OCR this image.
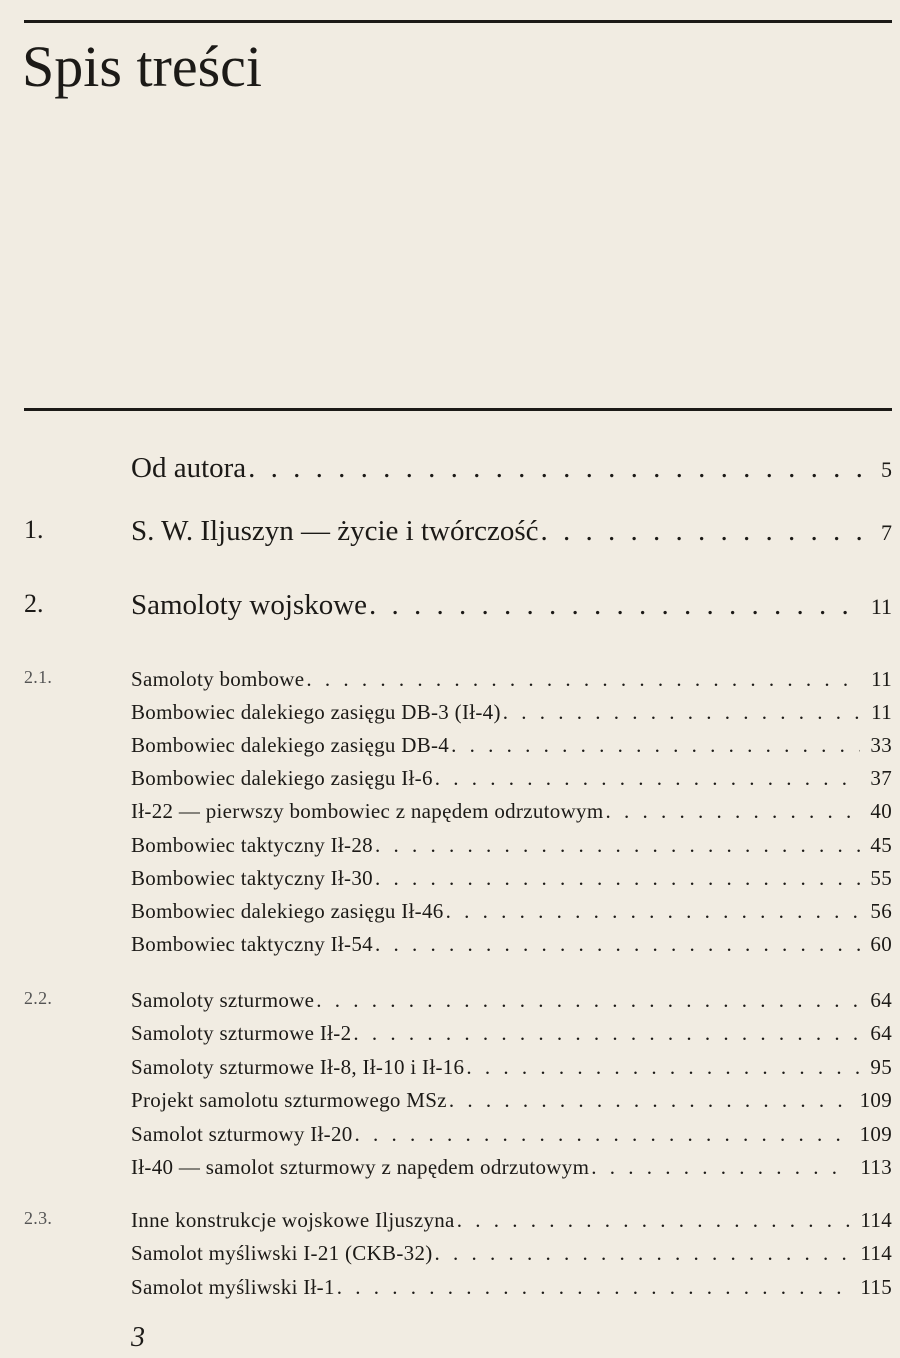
Spis treści
Od autora . . .	5
1.	S. W. Iljuszyn — życie i twórczość . . .	7
2.	Samoloty wojskowe . . .	11
2.1.	Samoloty bombowe . . .	11
Bombowiec dalekiego zasięgu DB-3 (Ił-4) . . .	11
Bombowiec dalekiego zasięgu DB-4 . . .	33
Bombowiec dalekiego zasięgu Ił-6 . . .	37
Ił-22 — pierwszy bombowiec z napędem odrzutowym . . .	40
Bombowiec taktyczny Ił-28 . . .	45
Bombowiec taktyczny Ił-30 . . .	55
Bombowiec dalekiego zasięgu Ił-46 . . .	56
Bombowiec taktyczny Ił-54 . . .	60
2.2.	Samoloty szturmowe . . .	64
Samoloty szturmowe Ił-2 . . .	64
Samoloty szturmowe Ił-8, Ił-10 i Ił-16 . . .	95
Projekt samolotu szturmowego MSz . . .	109
Samolot szturmowy Ił-20 . . .	109
Ił-40 — samolot szturmowy z napędem odrzutowym . . .	113
2.3.	Inne konstrukcje wojskowe Iljuszyna . . .	114
Samolot myśliwski I-21 (CKB-32) . . .	114
Samolot myśliwski Ił-1 . . .	115
3
